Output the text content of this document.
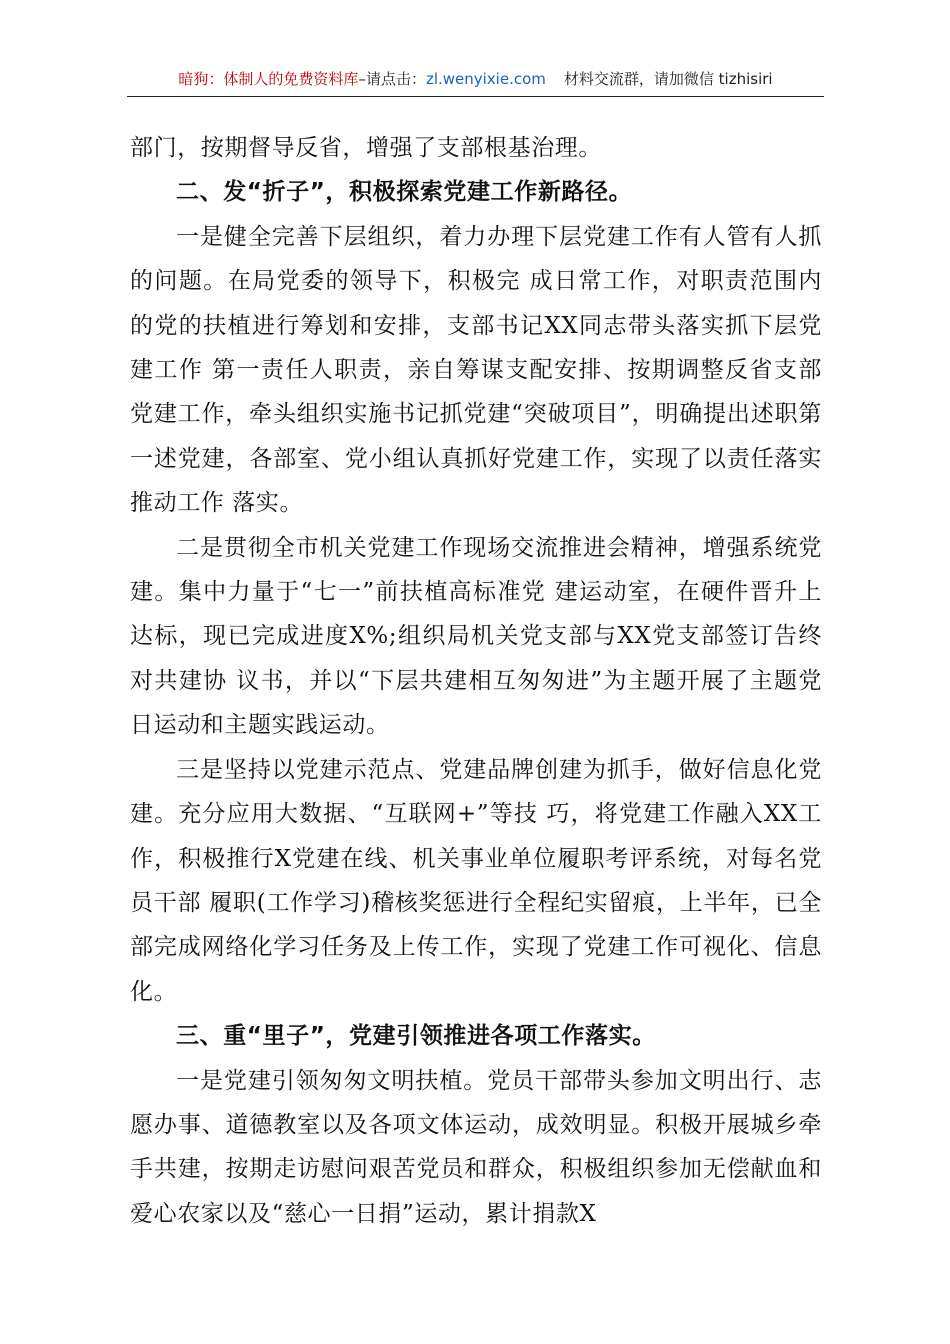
暗狗：体制人的免费资料库–请点击：zl.wenyixie.com 材料交流群，请加微信 tizhisiri

部门，按期督导反省，增强了支部根基治理。

二、发“折子”，积极探索党建工作新路径。

一是健全完善下层组织，着力办理下层党建工作有人管有人抓的问题。在局党委的领导下，积极完 成日常工作，对职责范围内的党的扶植进行筹划和安排，支部书记XX同志带头落实抓下层党建工作 第一责任人职责，亲自筹谋支配安排、按期调整反省支部党建工作，牵头组织实施书记抓党建“突破项目”，明确提出述职第一述党建，各部室、党小组认真抓好党建工作，实现了以责任落实推动工作 落实。

二是贯彻全市机关党建工作现场交流推进会精神，增强系统党建。集中力量于“七一”前扶植高标准党 建运动室，在硬件晋升上达标，现已完成进度X%;组织局机关党支部与XX党支部签订告终对共建协 议书，并以“下层共建相互匆匆进”为主题开展了主题党日运动和主题实践运动。

三是坚持以党建示范点、党建品牌创建为抓手，做好信息化党建。充分应用大数据、“互联网+”等技 巧，将党建工作融入XX工作，积极推行X党建在线、机关事业单位履职考评系统，对每名党员干部 履职(工作学习)稽核奖惩进行全程纪实留痕，上半年，已全部完成网络化学习任务及上传工作，实现了党建工作可视化、信息化。

三、重“里子”，党建引领推进各项工作落实。

一是党建引领匆匆文明扶植。党员干部带头参加文明出行、志愿办事、道德教室以及各项文体运动，成效明显。积极开展城乡牵手共建，按期走访慰问艰苦党员和群众，积极组织参加无偿献血和 爱心农家以及“慈心一日捐”运动，累计捐款X
